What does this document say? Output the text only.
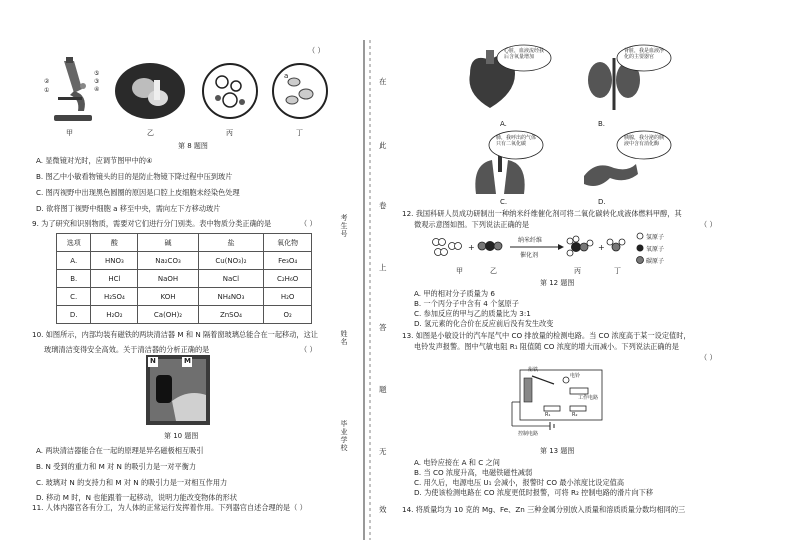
（ ）
②
①
⑤
③
④
a
甲	乙	丙	丁
第 8 题图
A. 显微镜对光时，应调节图甲中的④
B. 图乙中小敏看物镜头的目的是防止物镜下降过程中压到玻片
C. 图丙视野中出现黑色圆圈的原因是口腔上皮细胞未经染色处理
D. 欲将图丁视野中细胞 a 移至中央，需向左下方移动玻片
9. 为了研究和识别物质，需要对它们进行分门别类。表中物质分类正确的是	（ ）
选项	酸	碱	盐	氧化物
A.	HNO₃	Na₂CO₃	Cu(NO₃)₂	Fe₃O₄
B.	HCl	NaOH	NaCl	C₂H₆O
C.	H₂SO₄	KOH	NH₄NO₃	H₂O
D.	H₂O₂	Ca(OH)₂	ZnSO₄	O₂
10. 如图所示，内部均装有磁铁的两块清洁器 M 和 N 隔着窗玻璃总能合在一起移动，这让
玻璃清洁变得安全高效。关于清洁器的分析正确的是	（ ）
N	M
第 10 题图
A. 两块清洁器能合在一起的原理是异名磁极相互吸引
B. N 受到的重力和 M 对 N 的吸引力是一对平衡力
C. 玻璃对 N 的支持力和 M 对 N 的吸引力是一对相互作用力
D. 移动 M 时，N 也能跟着一起移动，说明力能改变物体的形状
11. 人体内器官各有分工，为人体的正常运行发挥着作用。下列器官自述合理的是（ ）
考生号
姓名
毕业学校
在
此
卷
上
答
题
无
效
心脏，血液流经我后含氧量增加
肾脏，我是血液净化的主要器官
A.	B.
肺，我呼出的气体只有二氧化碳
胰腺，我分泌的胰液中含有消化酶
C.	D.
12. 我国科研人员成功研制出一种纳米纤维催化剂可将二氧化碳转化成液体燃料甲醇，其
微观示意图如图。下列说法正确的是	（ ）
+	+
纳米纤维
催化剂
氢原子
氧原子
碳原子
甲	乙	丙	丁
第 12 题图
A. 甲的相对分子质量为 6
B. 一个丙分子中含有 4 个氢原子
C. 参加反应的甲与乙的质量比为 3:1
D. 氢元素的化合价在反应前后没有发生改变
13. 如图是小敏设计的汽车尾气中 CO 排放量的检测电路。当 CO 浓度高于某一设定值时，
电铃发声报警。图中气敏电阻 R₁ 阻值随 CO 浓度的增大而减小。下列说法正确的是
（ ）
衔铁
电铃
控制电路
工作电路
R₁	R₂
第 13 题图
A. 电铃应接在 A 和 C 之间
B. 当 CO 浓度升高，电磁铁磁性减弱
C. 用久后，电源电压 U₁ 会减小，报警时 CO 最小浓度比设定值高
D. 为使该检测电路在 CO 浓度更低时报警，可将 R₂ 控制电路的滑片向下移
14. 将质量均为 10 克的 Mg、Fe、Zn 三种金属分别放入质量和溶质质量分数均相同的三
